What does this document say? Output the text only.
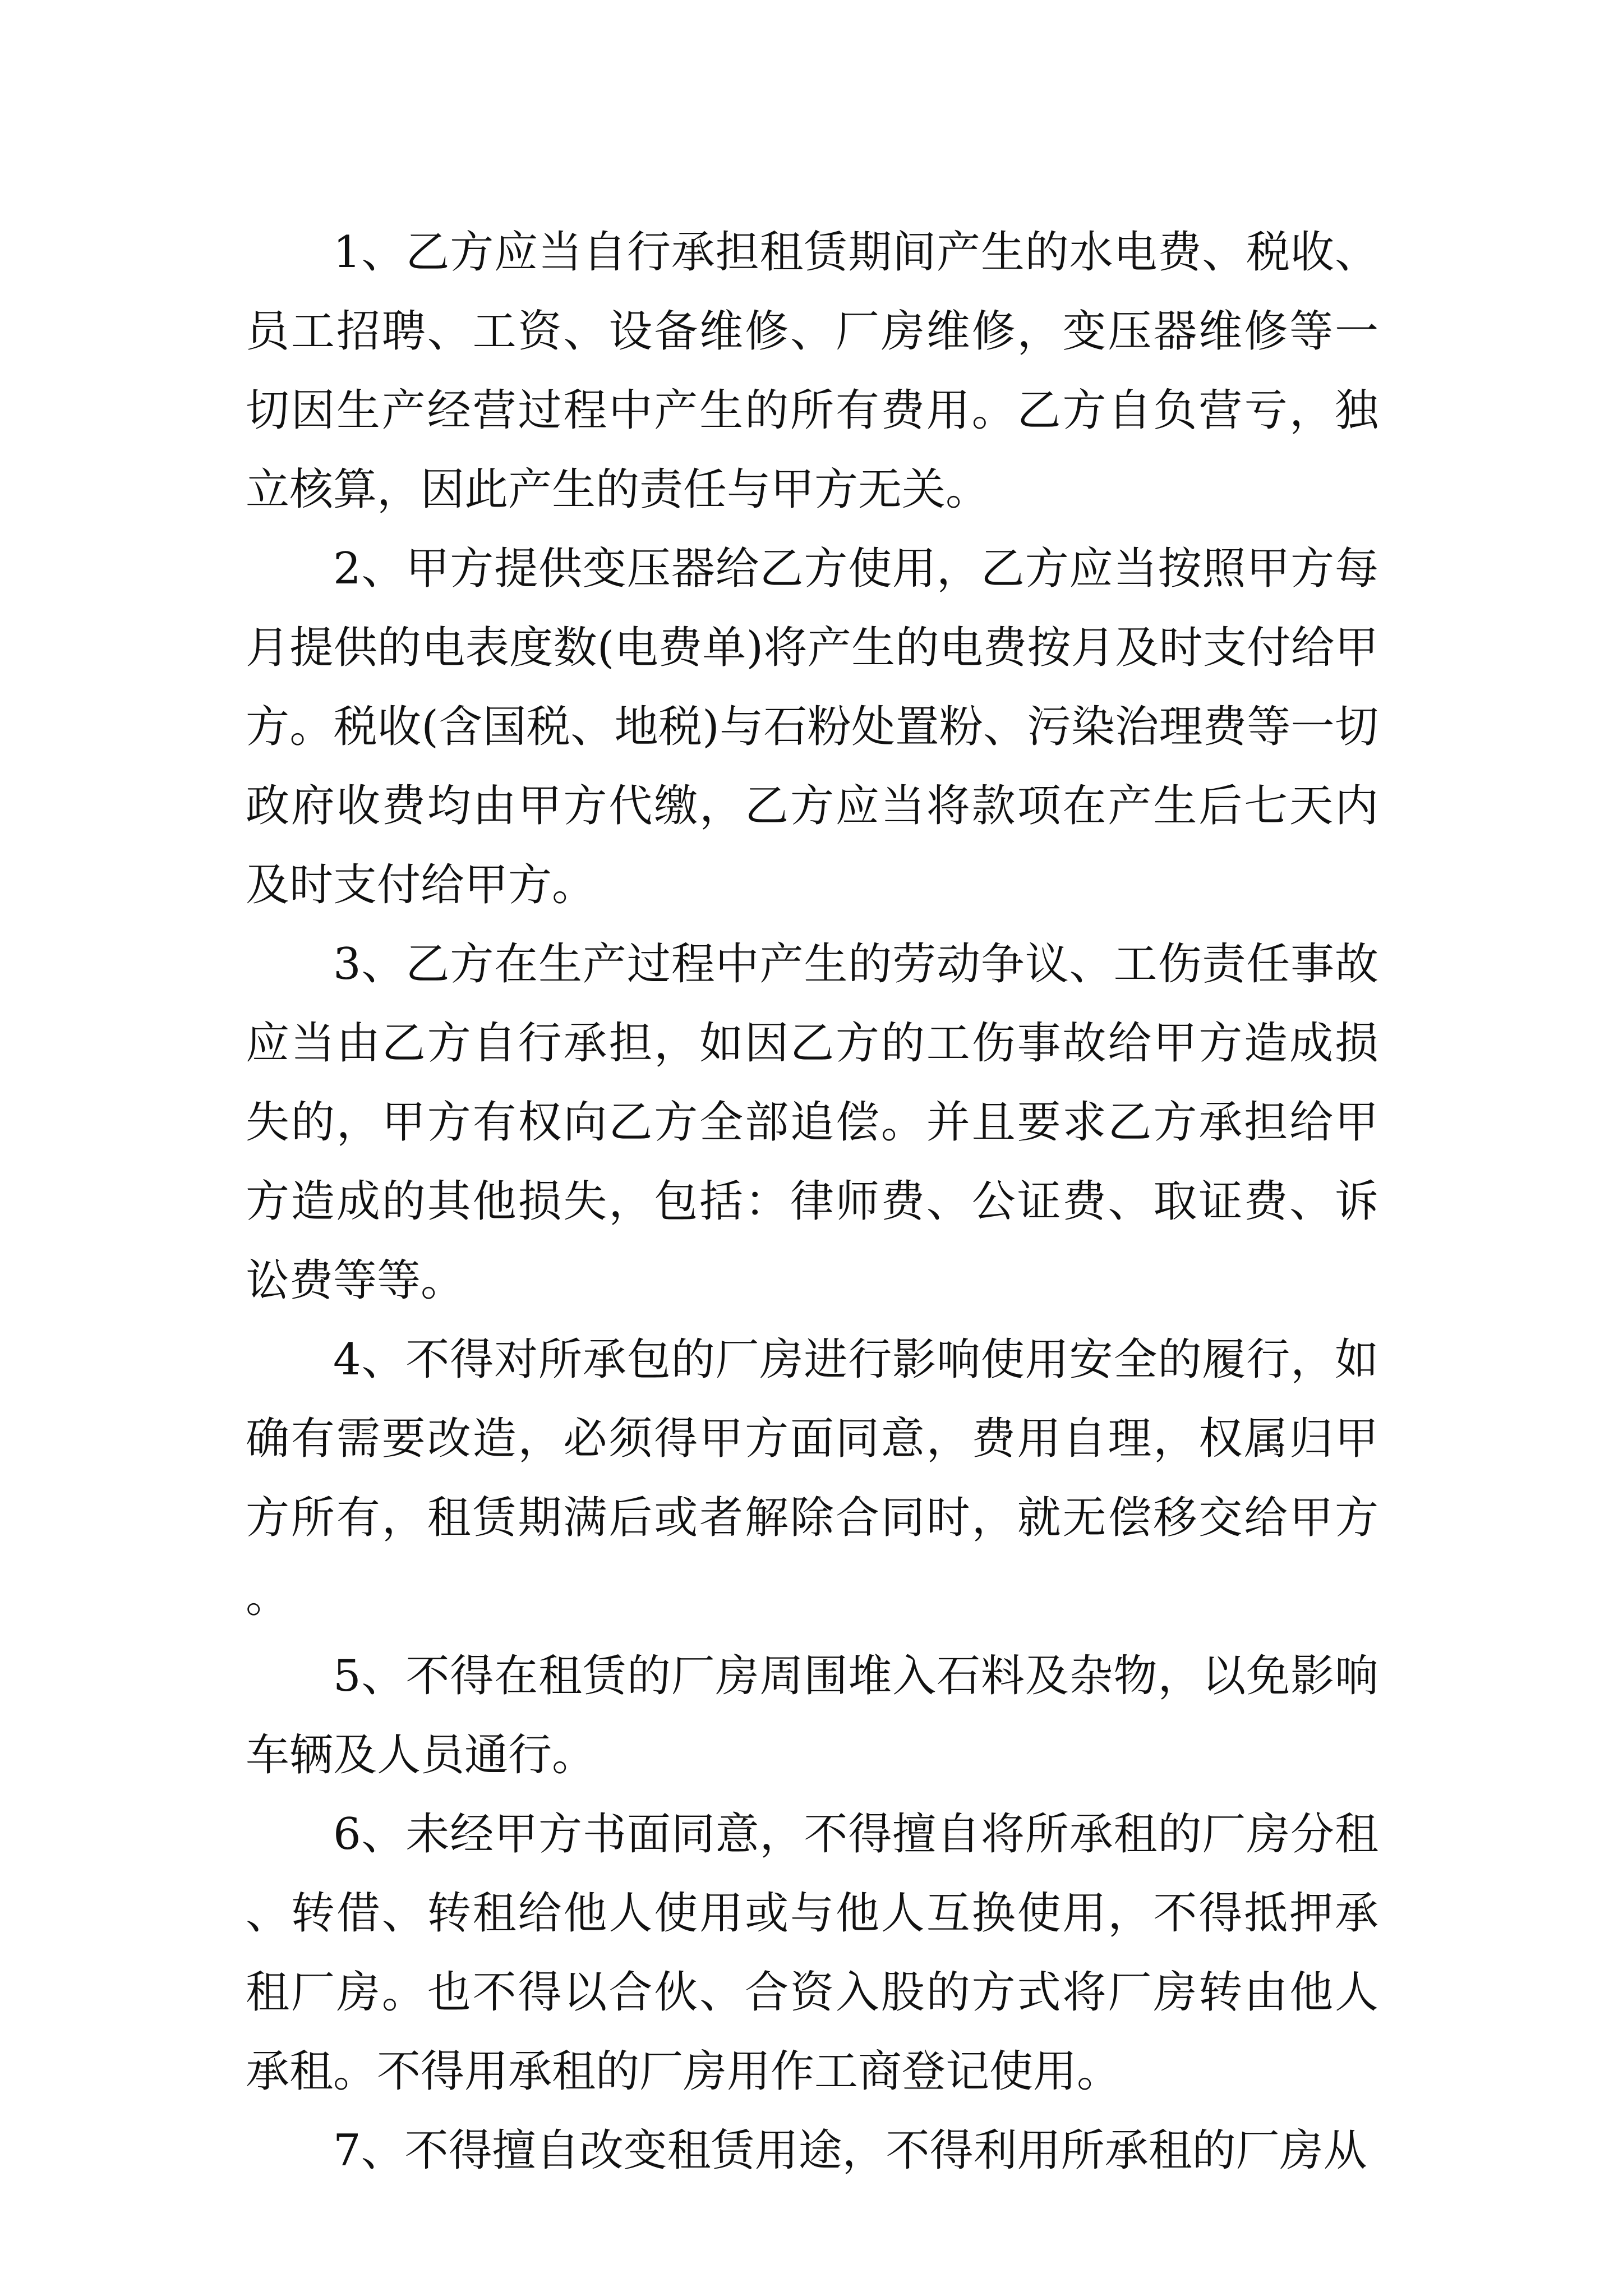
1、乙方应当自行承担租赁期间产生的水电费、税收、员工招聘、工资、设备维修、厂房维修，变压器维修等一切因生产经营过程中产生的所有费用。乙方自负营亏，独立核算，因此产生的责任与甲方无关。

2、甲方提供变压器给乙方使用，乙方应当按照甲方每月提供的电表度数(电费单)将产生的电费按月及时支付给甲方。税收(含国税、地税)与石粉处置粉、污染治理费等一切政府收费均由甲方代缴，乙方应当将款项在产生后七天内及时支付给甲方。

3、乙方在生产过程中产生的劳动争议、工伤责任事故应当由乙方自行承担，如因乙方的工伤事故给甲方造成损失的，甲方有权向乙方全部追偿。并且要求乙方承担给甲方造成的其他损失，包括：律师费、公证费、取证费、诉讼费等等。

4、不得对所承包的厂房进行影响使用安全的履行，如确有需要改造，必须得甲方面同意，费用自理，权属归甲方所有，租赁期满后或者解除合同时，就无偿移交给甲方。

5、不得在租赁的厂房周围堆入石料及杂物，以免影响车辆及人员通行。

6、未经甲方书面同意，不得擅自将所承租的厂房分租、转借、转租给他人使用或与他人互换使用，不得抵押承租厂房。也不得以合伙、合资入股的方式将厂房转由他人承租。不得用承租的厂房用作工商登记使用。

7、不得擅自改变租赁用途，不得利用所承租的厂房从
